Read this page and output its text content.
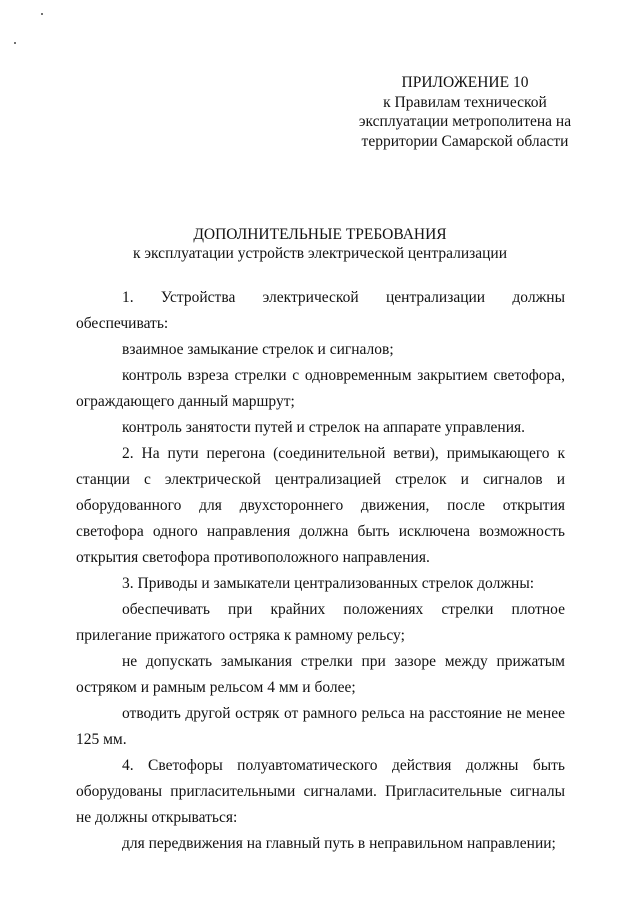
ПРИЛОЖЕНИЕ 10
к Правилам технической
эксплуатации метрополитена на
территории Самарской области
ДОПОЛНИТЕЛЬНЫЕ ТРЕБОВАНИЯ
к эксплуатации устройств электрической централизации

1. Устройства электрической централизации должны обеспечивать:

взаимное замыкание стрелок и сигналов;

контроль взреза стрелки с одновременным закрытием светофора, ограждающего данный маршрут;

контроль занятости путей и стрелок на аппарате управления.

2. На пути перегона (соединительной ветви), примыкающего к станции с электрической централизацией стрелок и сигналов и оборудованного для двухстороннего движения, после открытия светофора одного направления должна быть исключена возможность открытия светофора противоположного направления.

3. Приводы и замыкатели централизованных стрелок должны:

обеспечивать при крайних положениях стрелки плотное прилегание прижатого остряка к рамному рельсу;

не допускать замыкания стрелки при зазоре между прижатым остряком и рамным рельсом 4 мм и более;

отводить другой остряк от рамного рельса на расстояние не менее 125 мм.

4. Светофоры полуавтоматического действия должны быть оборудованы пригласительными сигналами. Пригласительные сигналы не должны открываться:

для передвижения на главный путь в неправильном направлении;
